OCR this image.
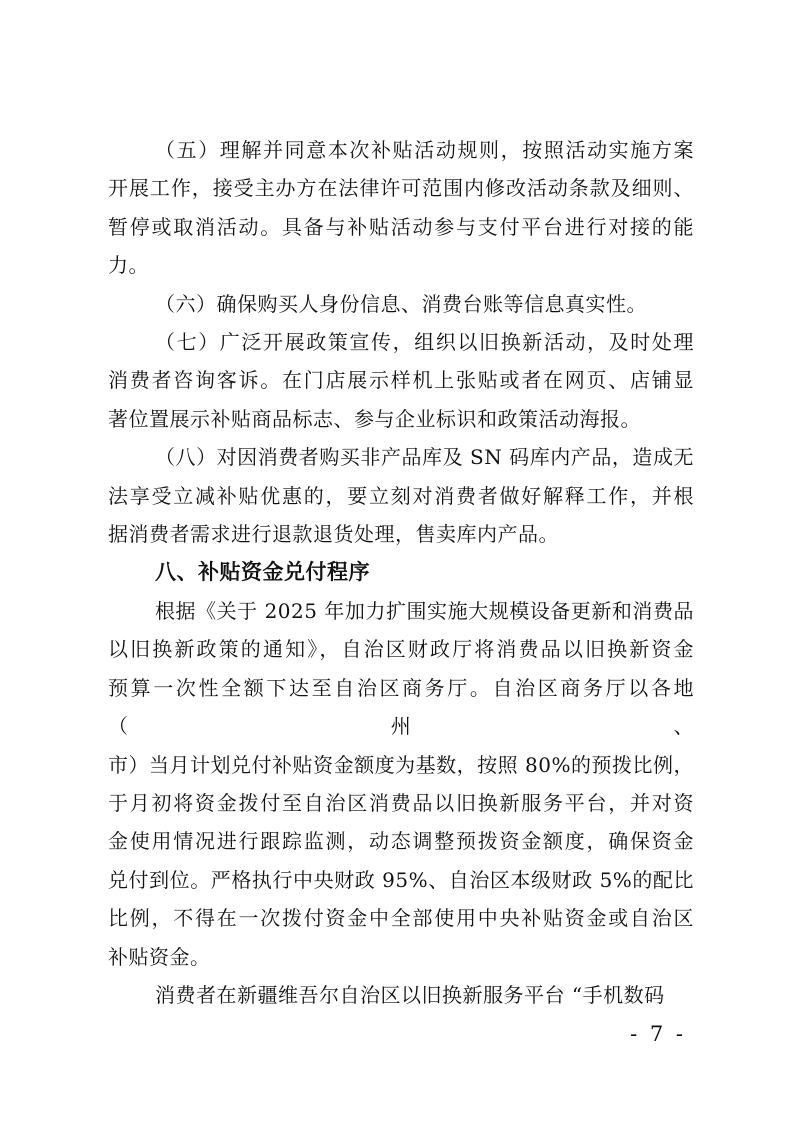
（五）理解并同意本次补贴活动规则，按照活动实施方案
开展工作，接受主办方在法律许可范围内修改活动条款及细则、
暂停或取消活动。具备与补贴活动参与支付平台进行对接的能
力。
（六）确保购买人身份信息、消费台账等信息真实性。
（七）广泛开展政策宣传，组织以旧换新活动，及时处理
消费者咨询客诉。在门店展示样机上张贴或者在网页、店铺显
著位置展示补贴商品标志、参与企业标识和政策活动海报。
（八）对因消费者购买非产品库及 SN 码库内产品，造成无
法享受立减补贴优惠的，要立刻对消费者做好解释工作，并根
据消费者需求进行退款退货处理，售卖库内产品。
八、补贴资金兑付程序
根据《关于 2025 年加力扩围实施大规模设备更新和消费品
以旧换新政策的通知》，自治区财政厅将消费品以旧换新资金
预算一次性全额下达至自治区商务厅。自治区商务厅以各地（州、
市）当月计划兑付补贴资金额度为基数，按照 80%的预拨比例，
于月初将资金拨付至自治区消费品以旧换新服务平台，并对资
金使用情况进行跟踪监测，动态调整预拨资金额度，确保资金
兑付到位。严格执行中央财政 95%、自治区本级财政 5%的配比
比例，不得在一次拨付资金中全部使用中央补贴资金或自治区
补贴资金。
消费者在新疆维吾尔自治区以旧换新服务平台 “手机数码
- 7 -
